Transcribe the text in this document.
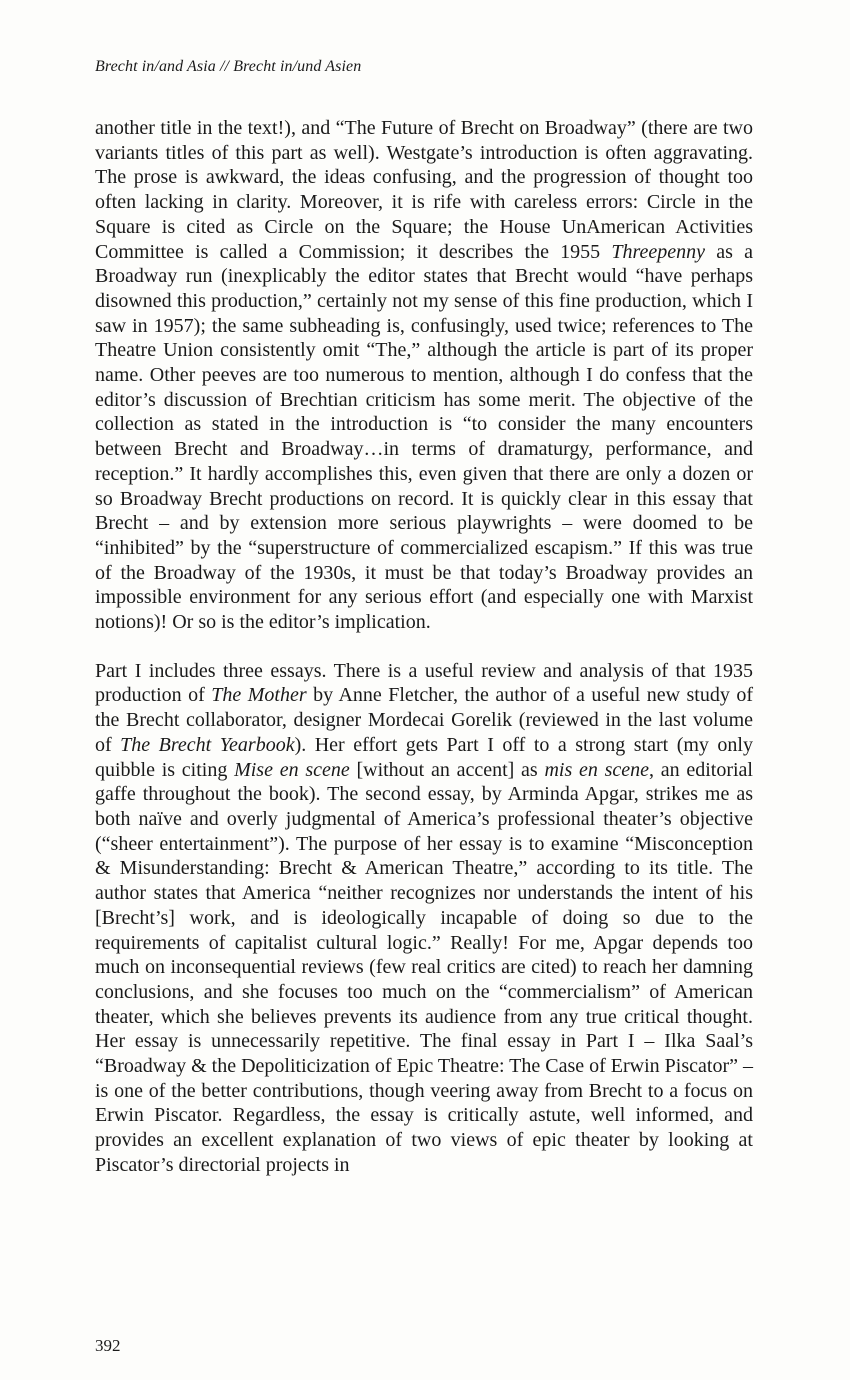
Brecht in/and Asia // Brecht in/und Asien

another title in the text!), and “The Future of Brecht on Broadway” (there are two variants titles of this part as well). Westgate’s introduction is often aggravating. The prose is awkward, the ideas confusing, and the progression of thought too often lacking in clarity. Moreover, it is rife with careless errors: Circle in the Square is cited as Circle on the Square; the House UnAmerican Activities Committee is called a Commission; it describes the 1955 Threepenny as a Broadway run (inexplicably the editor states that Brecht would “have perhaps disowned this production,” certainly not my sense of this fine production, which I saw in 1957); the same subheading is, confusingly, used twice; references to The Theatre Union consistently omit “The,” although the article is part of its proper name. Other peeves are too numerous to mention, although I do confess that the editor’s discussion of Brechtian criticism has some merit. The objective of the collection as stated in the introduction is “to consider the many encounters between Brecht and Broadway…in terms of dramaturgy, performance, and reception.” It hardly accomplishes this, even given that there are only a dozen or so Broadway Brecht productions on record. It is quickly clear in this essay that Brecht – and by extension more serious playwrights – were doomed to be “inhibited” by the “superstructure of commercialized escapism.” If this was true of the Broadway of the 1930s, it must be that today’s Broadway provides an impossible environment for any serious effort (and especially one with Marxist notions)! Or so is the editor’s implication.

Part I includes three essays. There is a useful review and analysis of that 1935 production of The Mother by Anne Fletcher, the author of a useful new study of the Brecht collaborator, designer Mordecai Gorelik (reviewed in the last volume of The Brecht Yearbook). Her effort gets Part I off to a strong start (my only quibble is citing Mise en scene [without an accent] as mis en scene, an editorial gaffe throughout the book). The second essay, by Arminda Apgar, strikes me as both naïve and overly judgmental of America’s professional theater’s objective (“sheer entertainment”). The purpose of her essay is to examine “Misconception & Misunderstanding: Brecht & American Theatre,” according to its title. The author states that America “neither recognizes nor understands the intent of his [Brecht’s] work, and is ideologically incapable of doing so due to the requirements of capitalist cultural logic.” Really! For me, Apgar depends too much on inconsequential reviews (few real critics are cited) to reach her damning conclusions, and she focuses too much on the “commercialism” of American theater, which she believes prevents its audience from any true critical thought. Her essay is unnecessarily repetitive. The final essay in Part I – Ilka Saal’s “Broadway & the Depoliticization of Epic Theatre: The Case of Erwin Piscator” – is one of the better contributions, though veering away from Brecht to a focus on Erwin Piscator. Regardless, the essay is critically astute, well informed, and provides an excellent explanation of two views of epic theater by looking at Piscator’s directorial projects in

392
